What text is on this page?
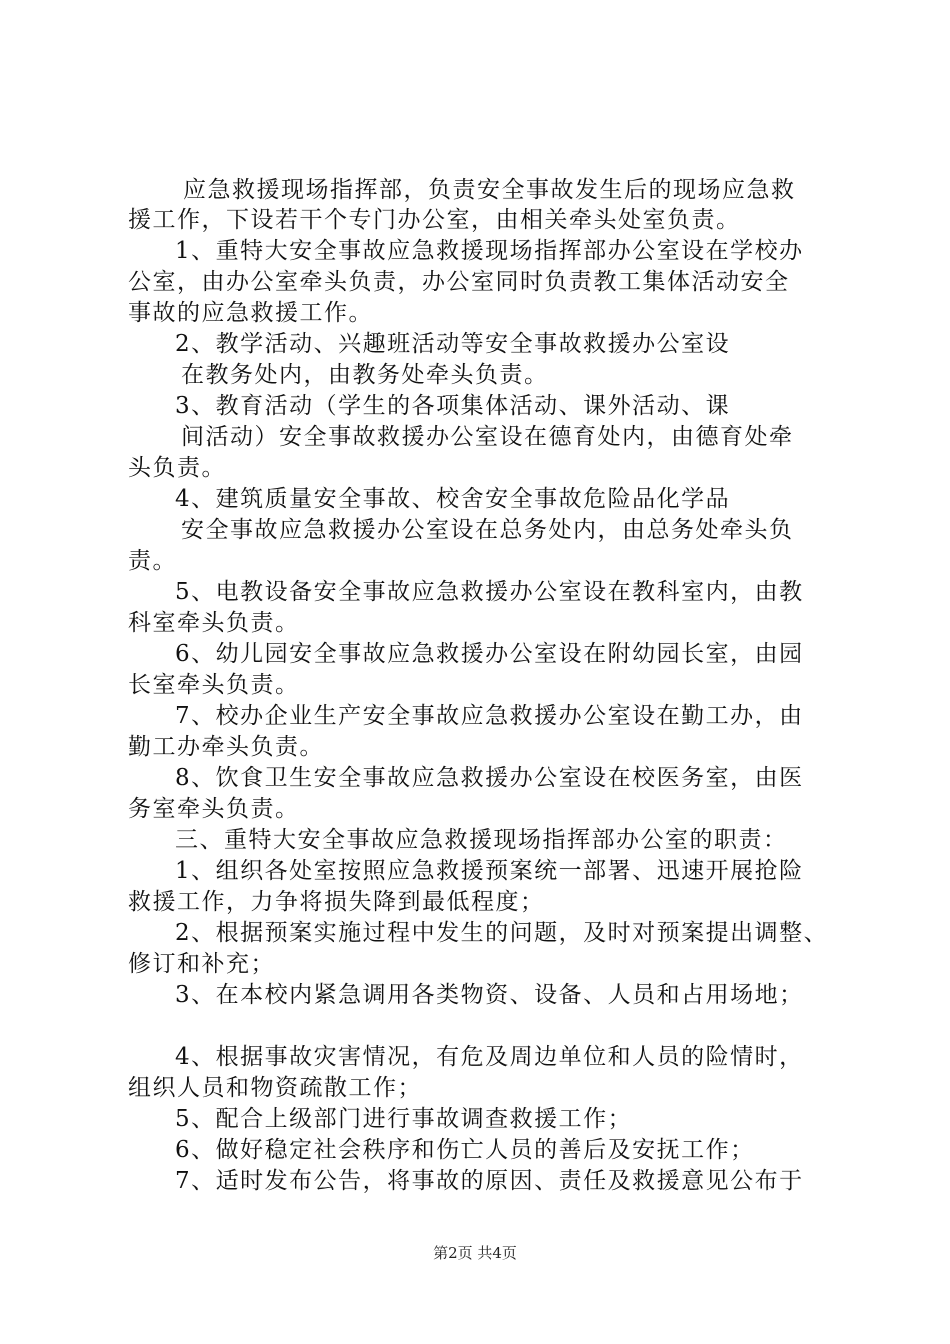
应急救援现场指挥部，负责安全事故发生后的现场应急救
援工作，下设若干个专门办公室，由相关牵头处室负责。
1、重特大安全事故应急救援现场指挥部办公室设在学校办
公室，由办公室牵头负责，办公室同时负责教工集体活动安全
事故的应急救援工作。
2、教学活动、兴趣班活动等安全事故救援办公室设
在教务处内，由教务处牵头负责。
3、教育活动（学生的各项集体活动、课外活动、课
间活动）安全事故救援办公室设在德育处内，由德育处牵
头负责。
4、建筑质量安全事故、校舍安全事故危险品化学品
安全事故应急救援办公室设在总务处内，由总务处牵头负
责。
5、电教设备安全事故应急救援办公室设在教科室内，由教
科室牵头负责。
6、幼儿园安全事故应急救援办公室设在附幼园长室，由园
长室牵头负责。
7、校办企业生产安全事故应急救援办公室设在勤工办，由
勤工办牵头负责。
8、饮食卫生安全事故应急救援办公室设在校医务室，由医
务室牵头负责。
三、重特大安全事故应急救援现场指挥部办公室的职责：
1、组织各处室按照应急救援预案统一部署、迅速开展抢险
救援工作，力争将损失降到最低程度；
2、根据预案实施过程中发生的问题，及时对预案提出调整、
修订和补充；
3、在本校内紧急调用各类物资、设备、人员和占用场地；
4、根据事故灾害情况，有危及周边单位和人员的险情时，
组织人员和物资疏散工作；
5、配合上级部门进行事故调查救援工作；
6、做好稳定社会秩序和伤亡人员的善后及安抚工作；
7、适时发布公告，将事故的原因、责任及救援意见公布于
第2页 共4页
